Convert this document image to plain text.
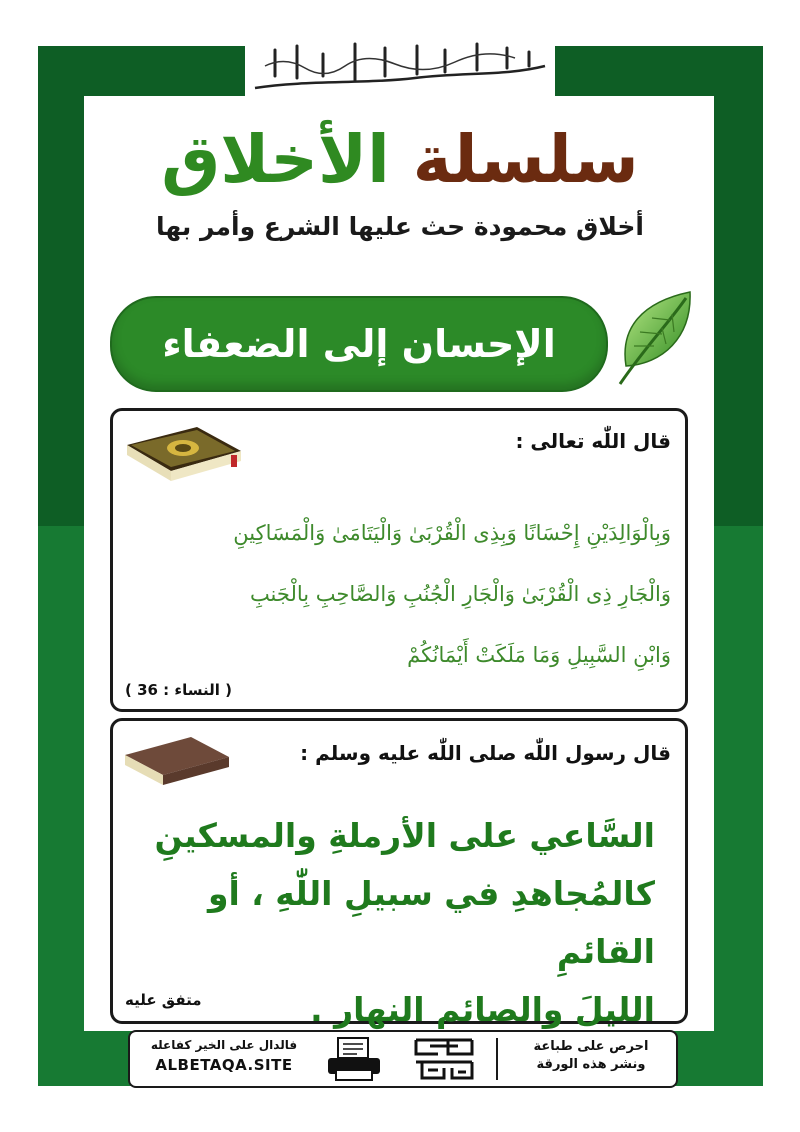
سلسلة الأخلاق
أخلاق محمودة حث عليها الشرع وأمر بها
الإحسان إلى الضعفاء
قال اللّٰه تعالى :
وَبِالْوَالِدَيْنِ إِحْسَانًا وَبِذِى الْقُرْبَىٰ وَالْيَتَامَىٰ وَالْمَسَاكِينِ
وَالْجَارِ ذِى الْقُرْبَىٰ وَالْجَارِ الْجُنُبِ وَالصَّاحِبِ بِالْجَنبِ
وَابْنِ السَّبِيلِ وَمَا مَلَكَتْ أَيْمَانُكُمْ
( النساء : 36 )
قال رسول اللّٰه صلى اللّٰه عليه وسلم :
السَّاعي على الأرملةِ والمسكينِ
كالمُجاهدِ في سبيلِ اللّٰهِ ، أو القائمِ
الليلَ والصائمِ النهارِ .
متفق عليه
فالدال على الخير كفاعله
ALBETAQA.SITE
احرص على طباعة
ونشر هذه الورقة
